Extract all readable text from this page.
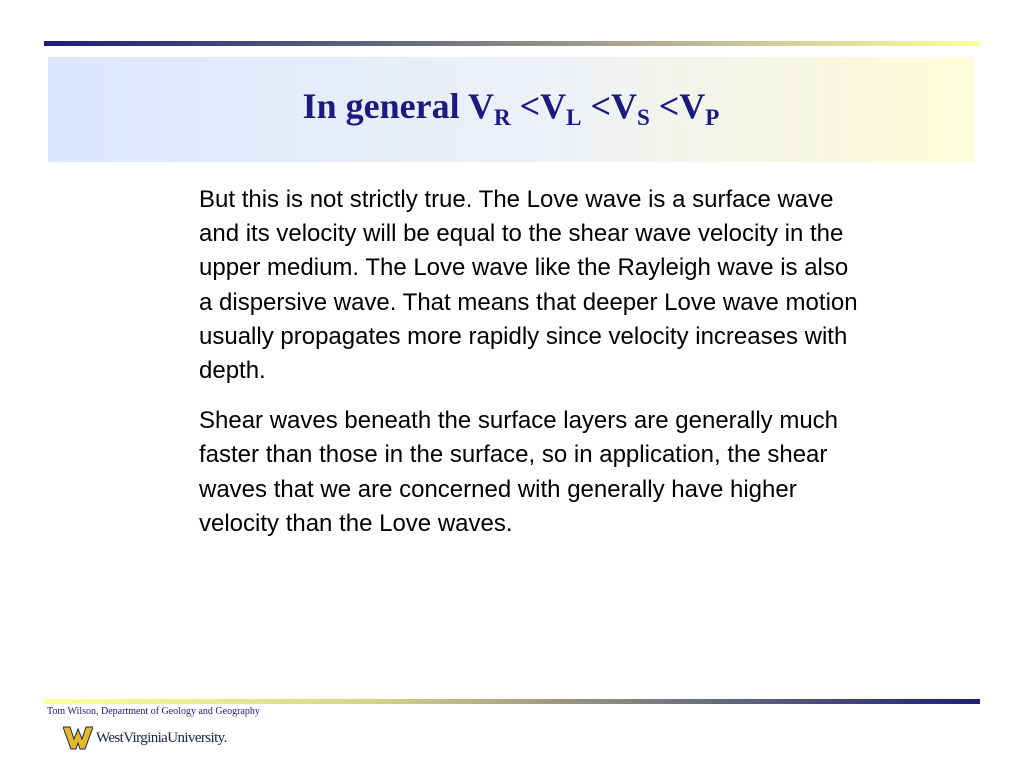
In general $V_R <V_L <V_S <V_P$

But this is not strictly true. The Love wave is a surface wave and its velocity will be equal to the shear wave velocity in the upper medium. The Love wave like the Rayleigh wave is also a dispersive wave. That means that deeper Love wave motion usually propagates more rapidly since velocity increases with depth.

Shear waves beneath the surface layers are generally much faster than those in the surface, so in application, the shear waves that we are concerned with generally have higher velocity than the Love waves.

Tom Wilson, Department of Geology and Geography
WestVirginiaUniversity.
